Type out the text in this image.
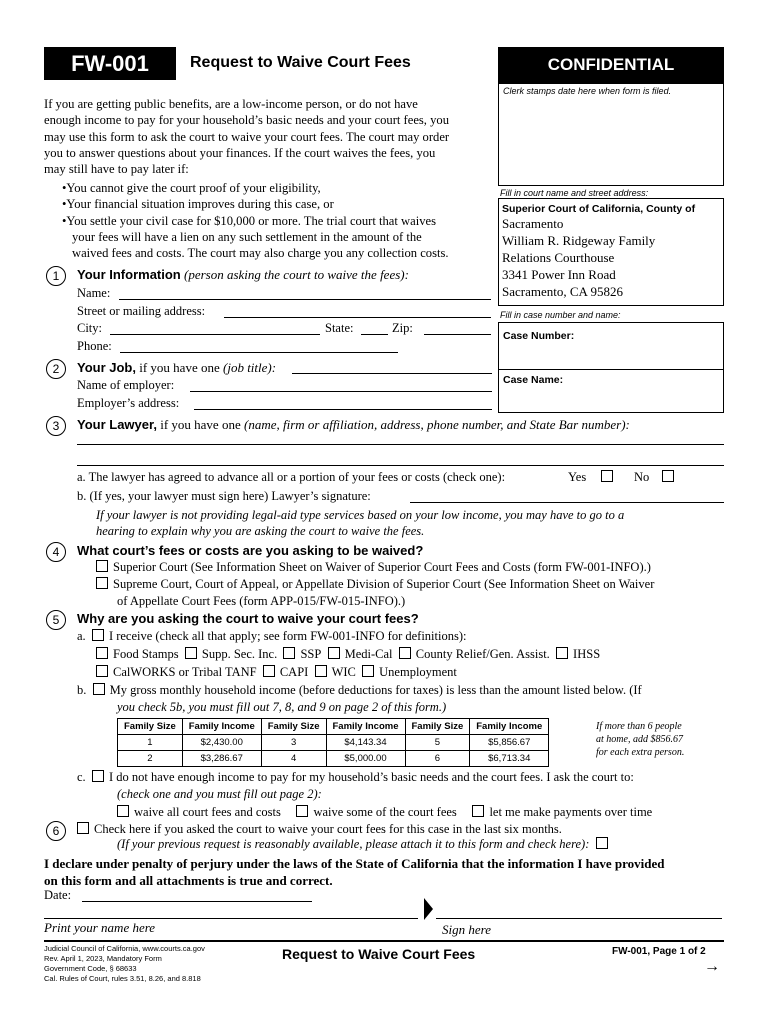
FW-001	Request to Waive Court Fees	CONFIDENTIAL
Clerk stamps date here when form is filed.
Fill in court name and street address:
Superior Court of California, County of
Sacramento
William R. Ridgeway Family
Relations Courthouse
3341 Power Inn Road
Sacramento, CA 95826
Fill in case number and name:
Case Number:
Case Name:
If you are getting public benefits, are a low-income person, or do not have
enough income to pay for your household’s basic needs and your court fees, you
may use this form to ask the court to waive your court fees. The court may order
you to answer questions about your finances. If the court waives the fees, you
may still have to pay later if:
•You cannot give the court proof of your eligibility,
•Your financial situation improves during this case, or
•You settle your civil case for $10,000 or more. The trial court that waives
your fees will have a lien on any such settlement in the amount of the
waived fees and costs. The court may also charge you any collection costs.
1	Your Information (person asking the court to waive the fees):
Name:
Street or mailing address:
City:	State:	Zip:
Phone:
2	Your Job, if you have one (job title):
Name of employer:
Employer’s address:
3	Your Lawyer, if you have one (name, firm or affiliation, address, phone number, and State Bar number):
a. The lawyer has agreed to advance all or a portion of your fees or costs (check one):	Yes	No
b. (If yes, your lawyer must sign here) Lawyer’s signature:
If your lawyer is not providing legal-aid type services based on your low income, you may have to go to a
hearing to explain why you are asking the court to waive the fees.
4	What court’s fees or costs are you asking to be waived?
Superior Court (See Information Sheet on Waiver of Superior Court Fees and Costs (form FW-001-INFO).)
Supreme Court, Court of Appeal, or Appellate Division of Superior Court (See Information Sheet on Waiver
of Appellate Court Fees (form APP-015/FW-015-INFO).)
5	Why are you asking the court to waive your court fees?
a.  I receive (check all that apply; see form FW-001-INFO for definitions):
Food Stamps Supp. Sec. Inc. SSP Medi-Cal County Relief/Gen. Assist. IHSS
CalWORKS or Tribal TANF CAPI WIC Unemployment
b.  My gross monthly household income (before deductions for taxes) is less than the amount listed below. (If
you check 5b, you must fill out 7, 8, and 9 on page 2 of this form.)
Family Size	Family Income	Family Size	Family Income	Family Size	Family Income
1	$2,430.00	3	$4,143.34	5	$5,856.67
2	$3,286.67	4	$5,000.00	6	$6,713.34
If more than 6 people
at home, add $856.67
for each extra person.
c.  I do not have enough income to pay for my household’s basic needs and the court fees. I ask the court to:
(check one and you must fill out page 2):
waive all court fees and costs	waive some of the court fees	let me make payments over time
6	Check here if you asked the court to waive your court fees for this case in the last six months.
(If your previous request is reasonably available, please attach it to this form and check here):
I declare under penalty of perjury under the laws of the State of California that the information I have provided
on this form and all attachments is true and correct.
Date:
Print your name here	Sign here
Judicial Council of California, www.courts.ca.gov
Rev. April 1, 2023, Mandatory Form
Government Code, § 68633
Cal. Rules of Court, rules 3.51, 8.26, and 8.818
Request to Waive Court Fees	FW-001, Page 1 of 2
→
